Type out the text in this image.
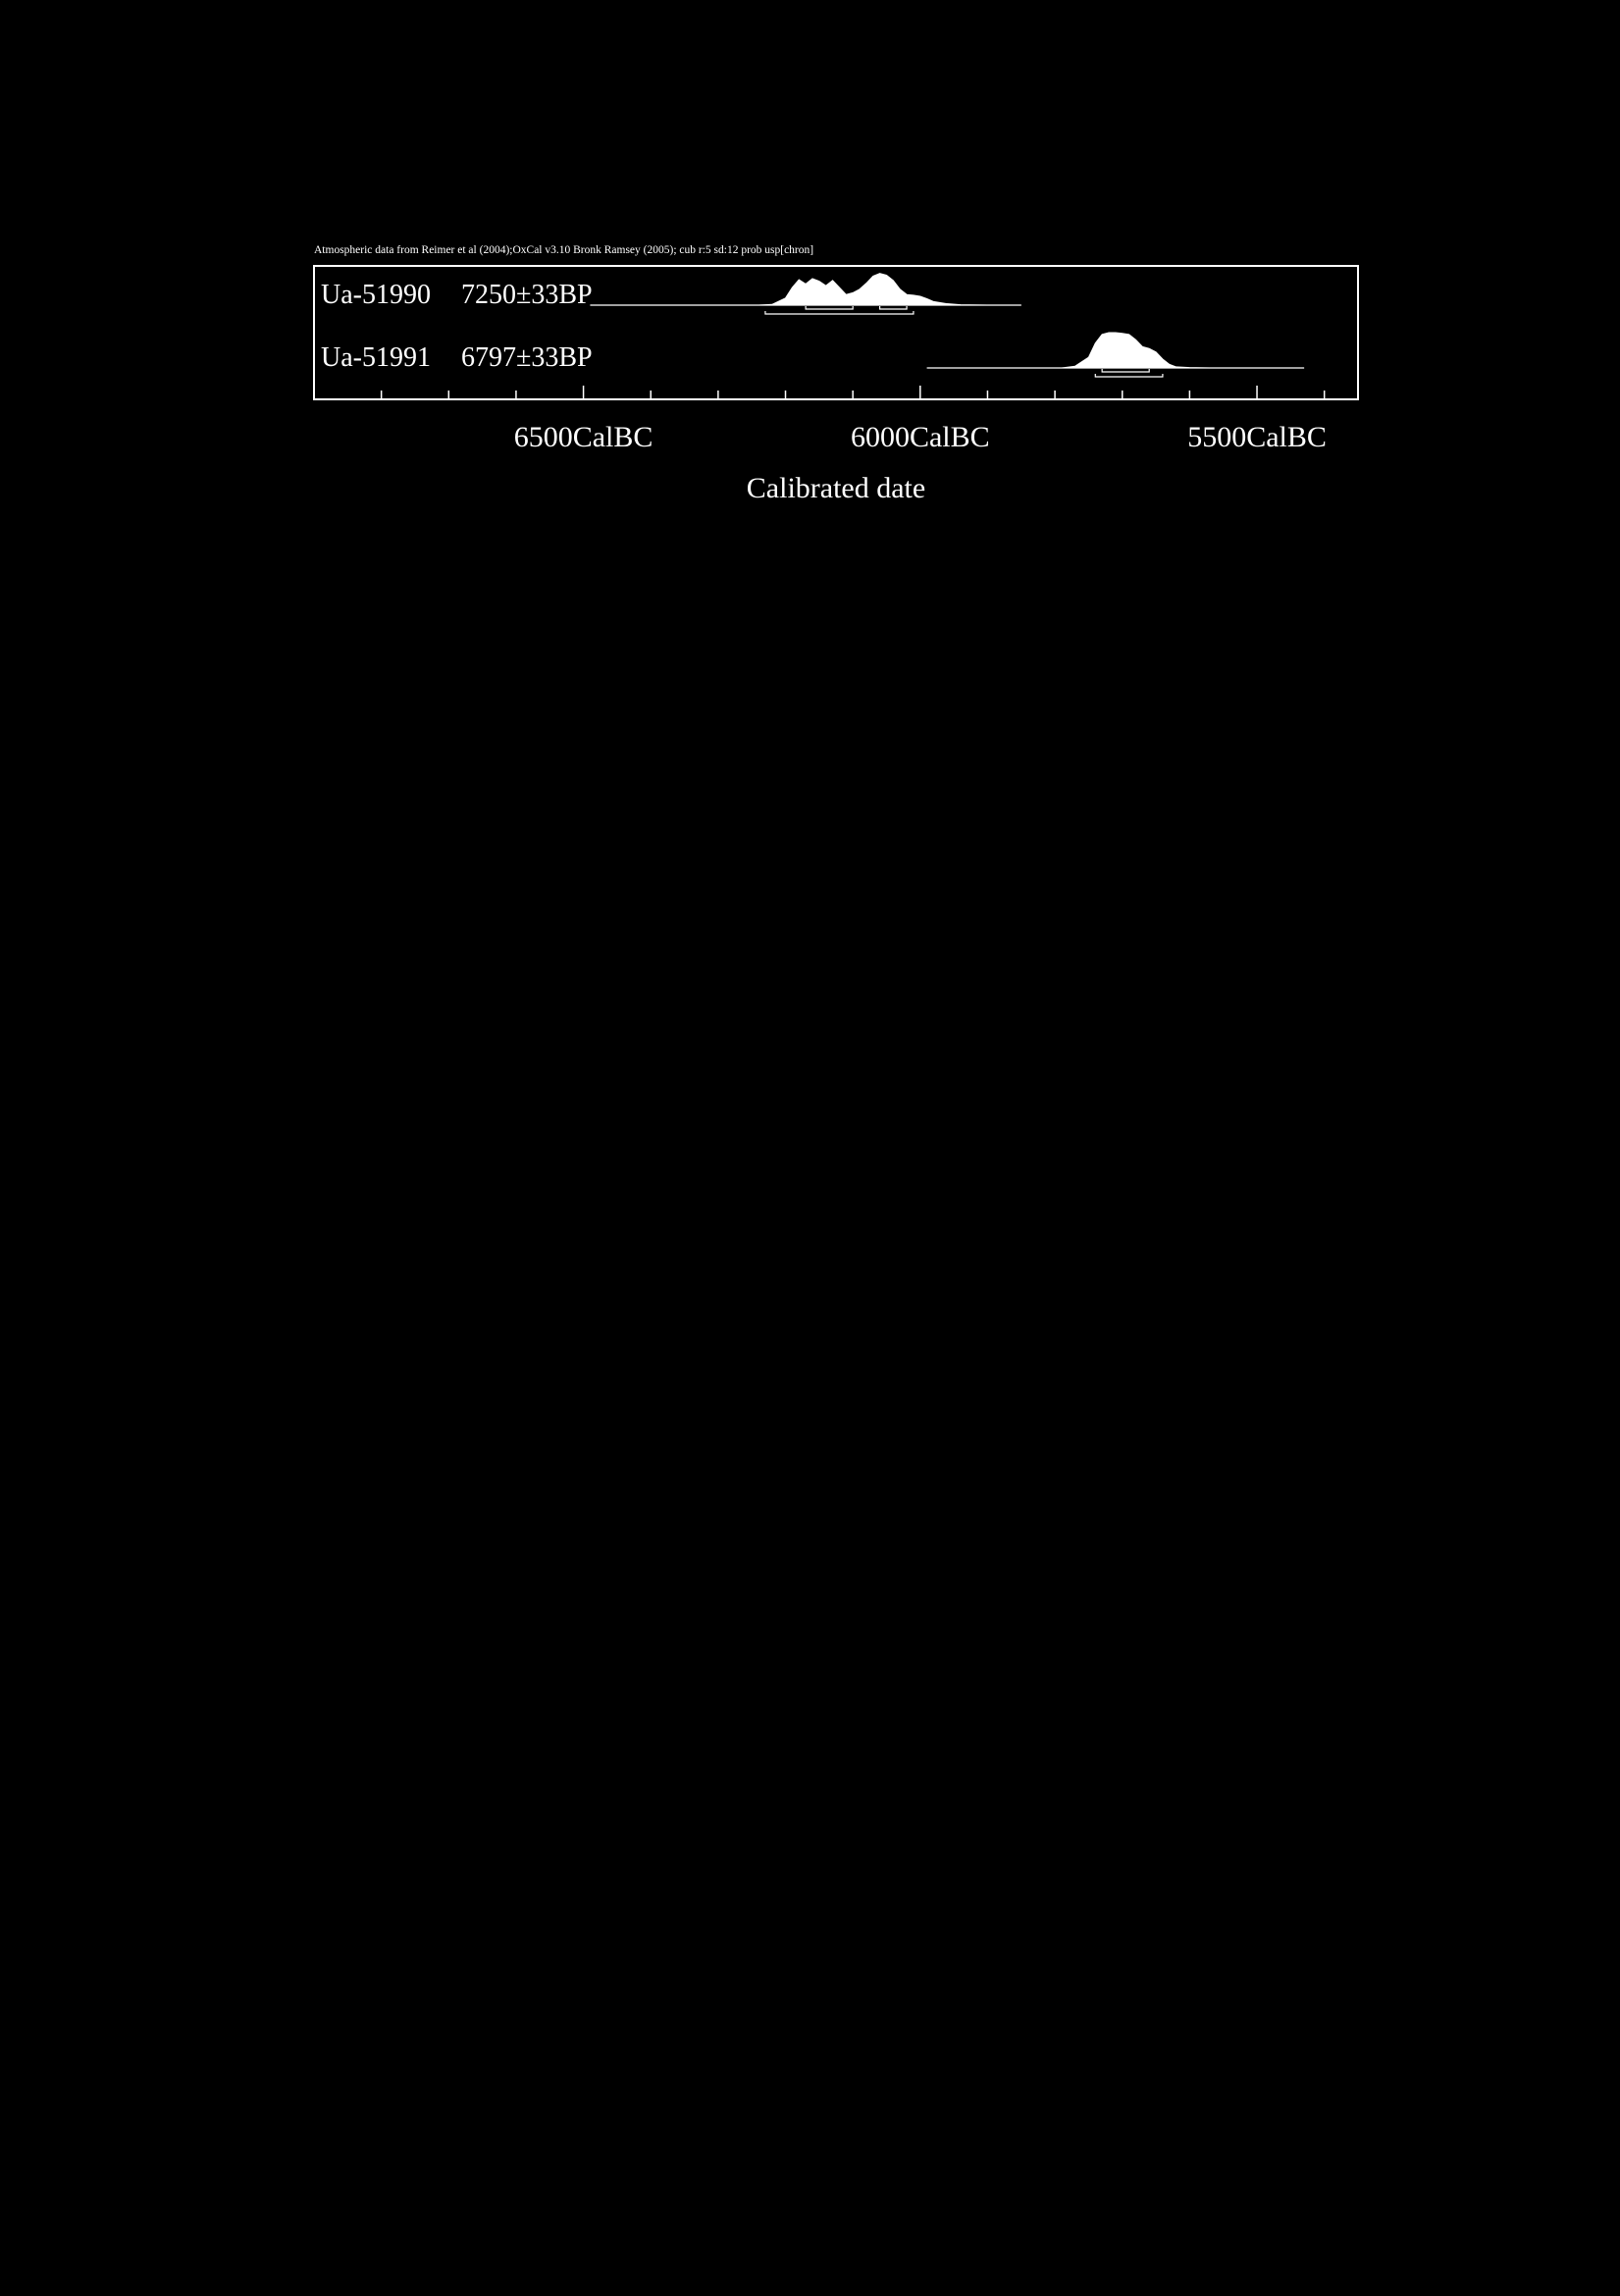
Atmospheric data from Reimer et al (2004);OxCal v3.10 Bronk Ramsey (2005); cub r:5 sd:12 prob usp[chron]
Ua-51990 7250±33BP
Ua-51991 6797±33BP
6500CalBC	6000CalBC	5500CalBC
Calibrated date
